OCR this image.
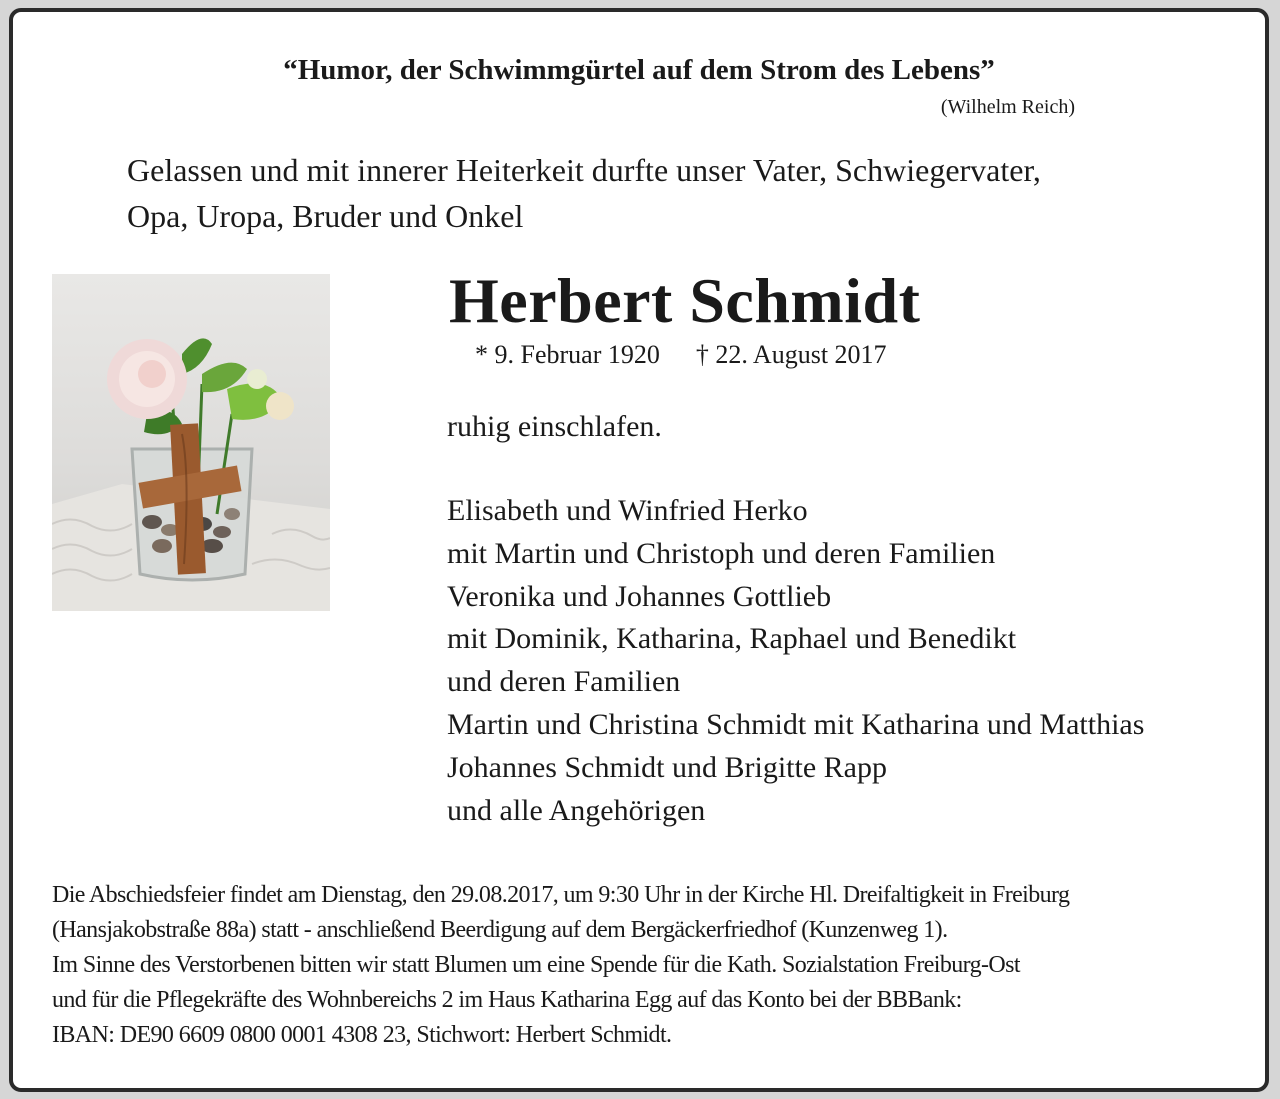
“Humor, der Schwimmgürtel auf dem Strom des Lebens”
(Wilhelm Reich)
Gelassen und mit innerer Heiterkeit durfte unser Vater, Schwiegervater,
Opa, Uropa, Bruder und Onkel
Herbert Schmidt
* 9. Februar 1920 † 22. August 2017
ruhig einschlafen.
Elisabeth und Winfried Herko
mit Martin und Christoph und deren Familien
Veronika und Johannes Gottlieb
mit Dominik, Katharina, Raphael und Benedikt
und deren Familien
Martin und Christina Schmidt mit Katharina und Matthias
Johannes Schmidt und Brigitte Rapp
und alle Angehörigen
Die Abschiedsfeier findet am Dienstag, den 29.08.2017, um 9:30 Uhr in der Kirche Hl. Dreifaltigkeit in Freiburg
(Hansjakobstraße 88a) statt - anschließend Beerdigung auf dem Bergäckerfriedhof (Kunzenweg 1).
Im Sinne des Verstorbenen bitten wir statt Blumen um eine Spende für die Kath. Sozialstation Freiburg-Ost
und für die Pflegekräfte des Wohnbereichs 2 im Haus Katharina Egg auf das Konto bei der BBBank:
IBAN: DE90 6609 0800 0001 4308 23, Stichwort: Herbert Schmidt.
